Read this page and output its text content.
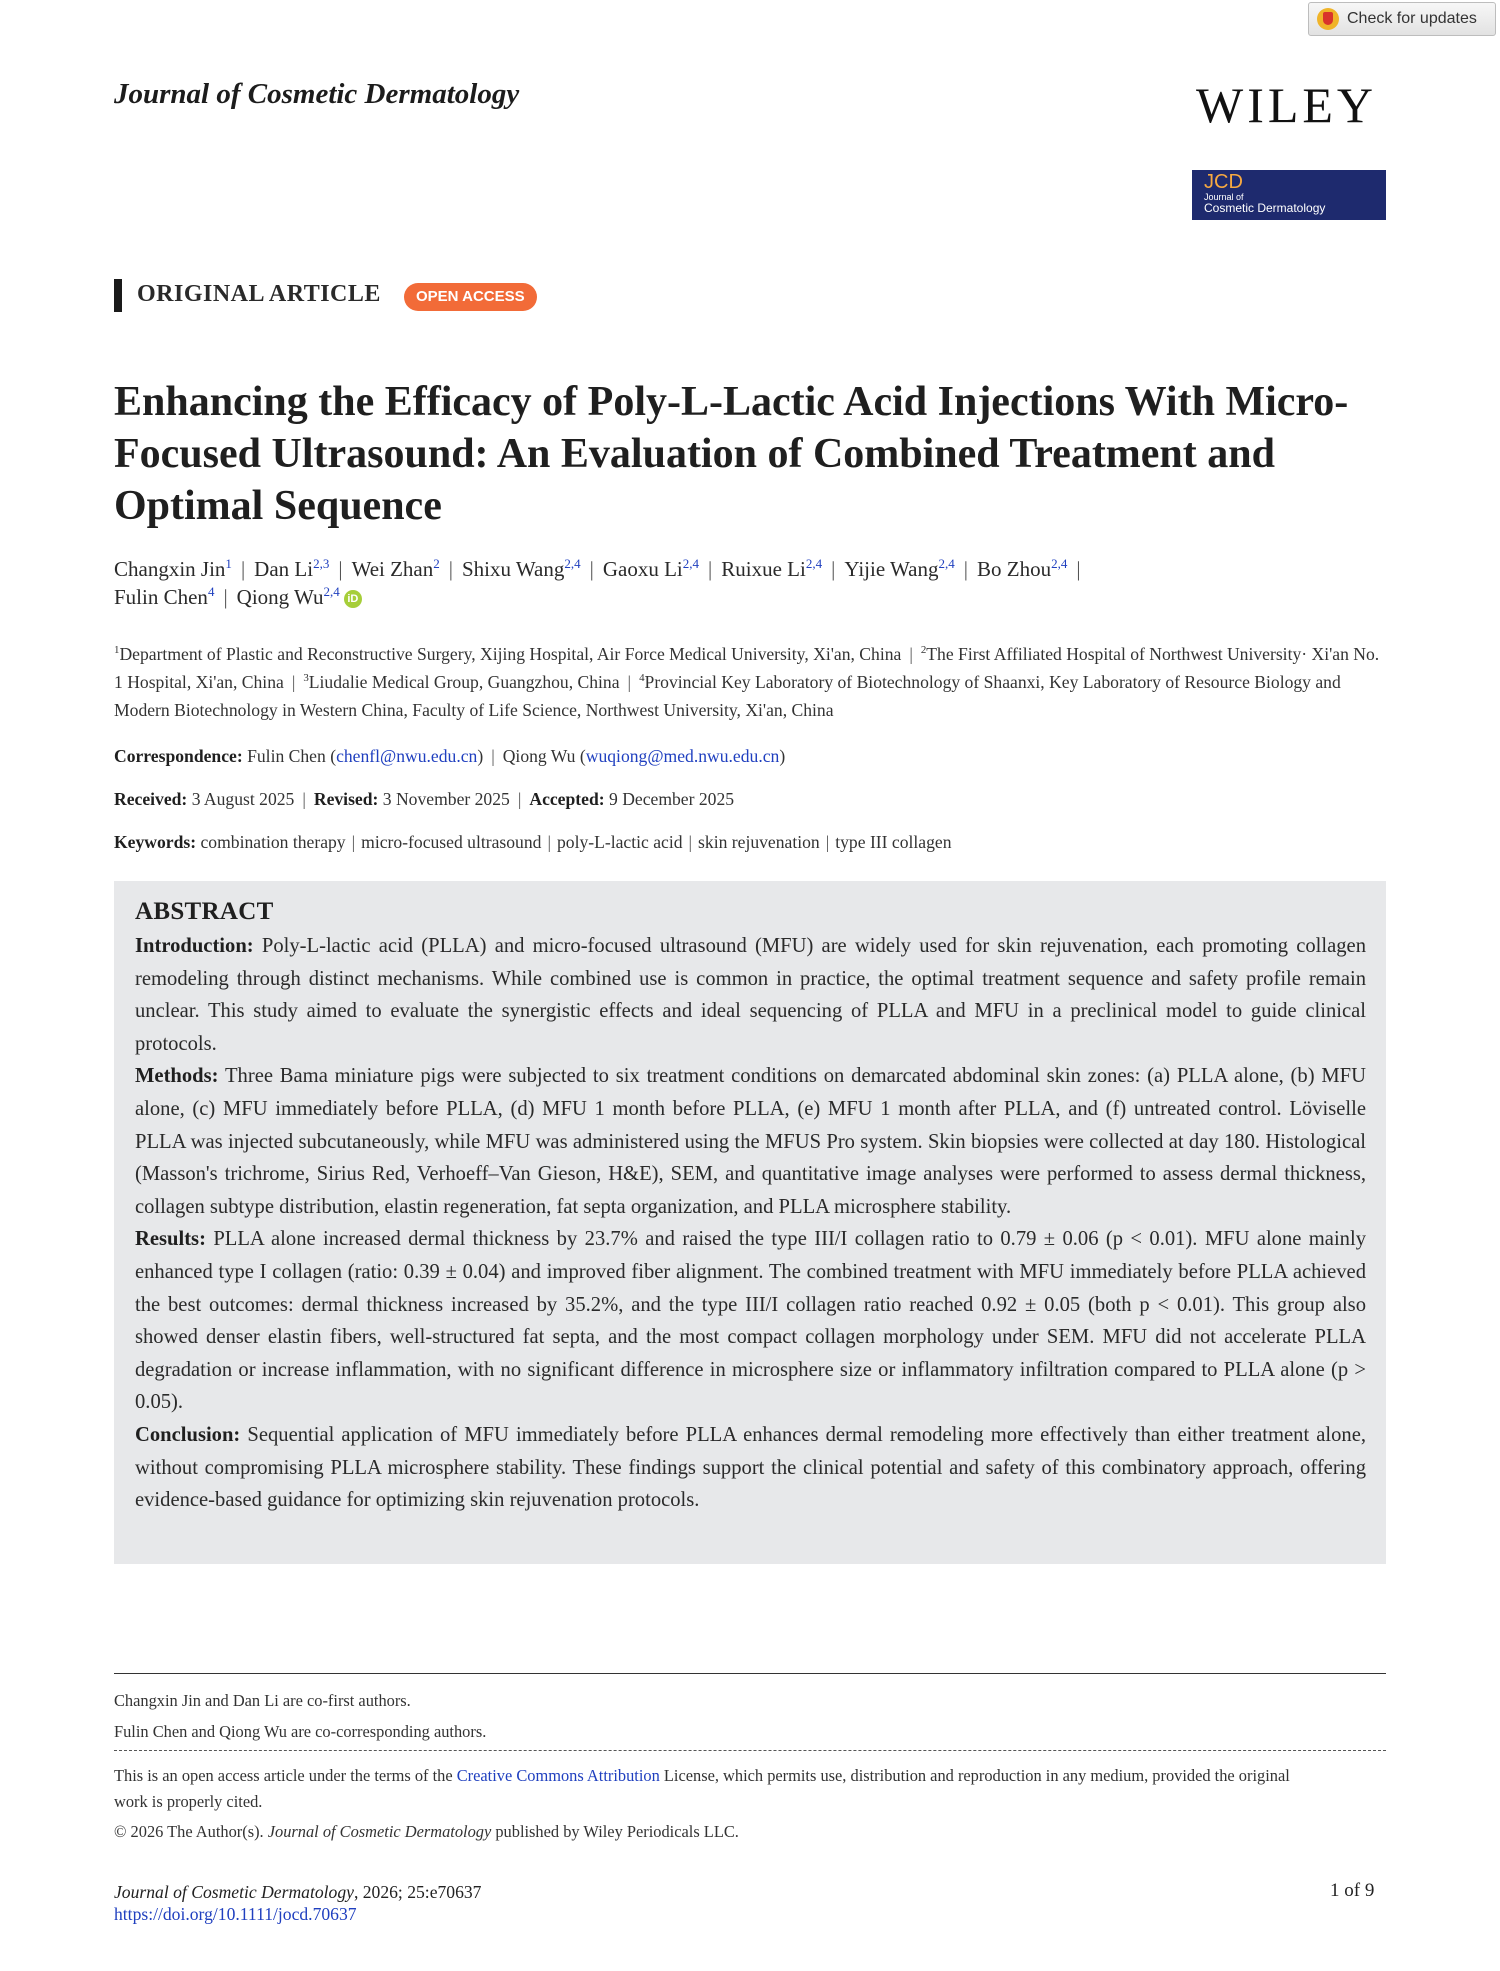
Check for updates
Journal of Cosmetic Dermatology	WILEY
JCD
Journal of
Cosmetic Dermatology
ORIGINAL ARTICLE	OPEN ACCESS
Enhancing the Efficacy of Poly-L-Lactic Acid Injections With Micro-Focused Ultrasound: An Evaluation of Combined Treatment and Optimal Sequence
Changxin Jin$^1$ | Dan Li$^{2,3}$ | Wei Zhan$^2$ | Shixu Wang$^{2,4}$ | Gaoxu Li$^{2,4}$ | Ruixue Li$^{2,4}$ | Yijie Wang$^{2,4}$ | Bo Zhou$^{2,4}$ |
Fulin Chen$^4$ | Qiong Wu$^{2,4}$ iD
$^1$Department of Plastic and Reconstructive Surgery, Xijing Hospital, Air Force Medical University, Xi'an, China | $^2$The First Affiliated Hospital of Northwest University· Xi'an No. 1 Hospital, Xi'an, China | $^3$Liudalie Medical Group, Guangzhou, China | $^4$Provincial Key Laboratory of Biotechnology of Shaanxi, Key Laboratory of Resource Biology and Modern Biotechnology in Western China, Faculty of Life Science, Northwest University, Xi'an, China
Correspondence: Fulin Chen (chenfl@nwu.edu.cn) | Qiong Wu (wuqiong@med.nwu.edu.cn)
Received: 3 August 2025 | Revised: 3 November 2025 | Accepted: 9 December 2025
Keywords: combination therapy | micro-focused ultrasound | poly-L-lactic acid | skin rejuvenation | type III collagen
ABSTRACT

Introduction: Poly-L-lactic acid (PLLA) and micro-focused ultrasound (MFU) are widely used for skin rejuvenation, each promoting collagen remodeling through distinct mechanisms. While combined use is common in practice, the optimal treatment sequence and safety profile remain unclear. This study aimed to evaluate the synergistic effects and ideal sequencing of PLLA and MFU in a preclinical model to guide clinical protocols.

Methods: Three Bama miniature pigs were subjected to six treatment conditions on demarcated abdominal skin zones: (a) PLLA alone, (b) MFU alone, (c) MFU immediately before PLLA, (d) MFU 1 month before PLLA, (e) MFU 1 month after PLLA, and (f) untreated control. Löviselle PLLA was injected subcutaneously, while MFU was administered using the MFUS Pro system. Skin biopsies were collected at day 180. Histological (Masson's trichrome, Sirius Red, Verhoeff–Van Gieson, H&E), SEM, and quantitative image analyses were performed to assess dermal thickness, collagen subtype distribution, elastin regeneration, fat septa organization, and PLLA microsphere stability.

Results: PLLA alone increased dermal thickness by 23.7% and raised the type III/I collagen ratio to 0.79 ± 0.06 (p < 0.01). MFU alone mainly enhanced type I collagen (ratio: 0.39 ± 0.04) and improved fiber alignment. The combined treatment with MFU immediately before PLLA achieved the best outcomes: dermal thickness increased by 35.2%, and the type III/I collagen ratio reached 0.92 ± 0.05 (both p < 0.01). This group also showed denser elastin fibers, well-structured fat septa, and the most compact collagen morphology under SEM. MFU did not accelerate PLLA degradation or increase inflammation, with no significant difference in microsphere size or inflammatory infiltration compared to PLLA alone (p > 0.05).

Conclusion: Sequential application of MFU immediately before PLLA enhances dermal remodeling more effectively than either treatment alone, without compromising PLLA microsphere stability. These findings support the clinical potential and safety of this combinatory approach, offering evidence-based guidance for optimizing skin rejuvenation protocols.

Changxin Jin and Dan Li are co-first authors.
Fulin Chen and Qiong Wu are co-corresponding authors.
This is an open access article under the terms of the Creative Commons Attribution License, which permits use, distribution and reproduction in any medium, provided the original work is properly cited.
© 2026 The Author(s). Journal of Cosmetic Dermatology published by Wiley Periodicals LLC.
Journal of Cosmetic Dermatology, 2026; 25:e70637
https://doi.org/10.1111/jocd.70637
1 of 9
